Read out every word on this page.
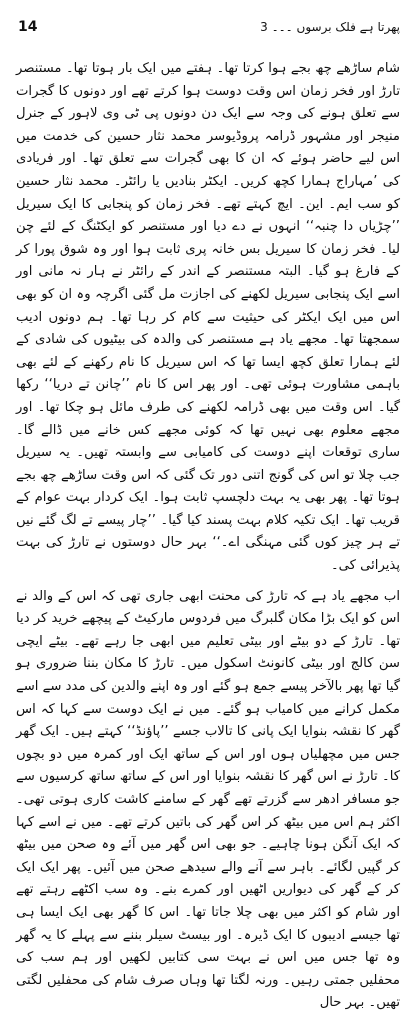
14	پھرتا ہے فلک برسوں ۔۔۔ 3

شام ساڑھے چھ بجے ہوا کرتا تھا۔ ہفتے میں ایک بار ہوتا تھا۔ مستنصر تارڑ اور فخر زمان اس وقت دوست ہوا کرتے تھے اور دونوں کا گجرات سے تعلق ہونے کی وجہ سے ایک دن دونوں پی ٹی وی لاہور کے جنرل منیجر اور مشہور ڈرامہ پروڈیوسر محمد نثار حسین کی خدمت میں اس لیے حاضر ہوئے کہ ان کا بھی گجرات سے تعلق تھا۔ اور فریادی کی ’مہاراج ہمارا کچھ کریں۔ ایکٹر بنادیں یا رائٹر۔ محمد نثار حسین کو سب ایم۔ این۔ ایچ کہتے تھے۔ فخر زمان کو پنجابی کا ایک سیریل ’’چڑیاں دا چنبہ‘‘ انہوں نے دے دیا اور مستنصر کو ایکٹنگ کے لئے چن لیا۔ فخر زمان کا سیریل بس خانہ پری ثابت ہوا اور وہ شوق پورا کر کے فارغ ہو گیا۔ البتہ مستنصر کے اندر کے رائٹر نے ہار نہ مانی اور اسے ایک پنجابی سیریل لکھنے کی اجازت مل گئی اگرچہ وہ ان کو بھی اس میں ایک ایکٹر کی حیثیت سے کام کر رہا تھا۔ ہم دونوں ادیب سمجھتا تھا۔ مجھے یاد ہے مستنصر کی والدہ کی بیٹیوں کی شادی کے لئے ہمارا تعلق کچھ ایسا تھا کہ اس سیریل کا نام رکھنے کے لئے بھی باہمی مشاورت ہوئی تھی۔ اور پھر اس کا نام ’’چانن تے دریا‘‘ رکھا گیا۔ اس وقت میں بھی ڈرامہ لکھنے کی طرف مائل ہو چکا تھا۔ اور مجھے معلوم بھی نہیں تھا کہ کوئی مجھے کس خانے میں ڈالے گا۔ ساری توقعات اپنے دوست کی کامیابی سے وابستہ تھیں۔ یہ سیریل جب چلا تو اس کی گونج اتنی دور تک گئی کہ اس وقت ساڑھے چھ بجے ہوتا تھا۔ پھر بھی یہ بہت دلچسپ ثابت ہوا۔ ایک کردار بہت عوام کے قریب تھا۔ ایک تکیہ کلام بہت پسند کیا گیا۔ ’’چار پیسے تے لگ گئے نیں تے ہر چیز کوں گئی مہنگی اے۔‘‘ بہر حال دوستوں نے تارڑ کی بہت پذیرائی کی۔

اب مجھے یاد ہے کہ تارڑ کی محنت ابھی جاری تھی کہ اس کے والد نے اس کو ایک بڑا مکان گلبرگ میں فردوس مارکیٹ کے پیچھے خرید کر دیا تھا۔ تارڑ کے دو بیٹے اور بیٹی تعلیم میں ابھی جا رہے تھے۔ بیٹے ایچی سن کالج اور بیٹی کانونٹ اسکول میں۔ تارڑ کا مکان بننا ضروری ہو گیا تھا پھر بالآخر پیسے جمع ہو گئے اور وہ اپنے والدین کی مدد سے اسے مکمل کرانے میں کامیاب ہو گئے۔ میں نے ایک دوست سے کہا کہ اس گھر کا نقشہ بنوایا ایک پانی کا تالاب جسے ’’پاؤنڈ‘‘ کہتے ہیں۔ ایک گھر جس میں مچھلیاں ہوں اور اس کے ساتھ ایک اور کمرہ میں دو بچوں کا۔ تارڑ نے اس گھر کا نقشہ بنوایا اور اس کے ساتھ ساتھ کرسیوں سے جو مسافر ادھر سے گزرتے تھے گھر کے سامنے کاشت کاری ہوتی تھی۔ اکثر ہم اس میں بیٹھ کر اس گھر کی باتیں کرتے تھے۔ میں نے اسے کہا کہ ایک آنگن ہونا چاہیے۔ جو بھی اس گھر میں آئے وہ صحن میں بیٹھ کر گپیں لگائے۔ باہر سے آنے والے سیدھے صحن میں آئیں۔ پھر ایک ایک کر کے گھر کی دیواریں اٹھیں اور کمرے بنے۔ وہ سب اکٹھے رہتے تھے اور شام کو اکثر میں بھی چلا جاتا تھا۔ اس کا گھر بھی ایک ایسا ہی تھا جیسے ادیبوں کا ایک ڈیرہ۔ اور بیسٹ سیلر بننے سے پہلے کا یہ گھر وہ تھا جس میں اس نے بہت سی کتابیں لکھیں اور ہم سب کی محفلیں جمتی رہیں۔ ورنہ لگتا تھا وہاں صرف شام کی محفلیں لگتی تھیں۔ بہر حال
